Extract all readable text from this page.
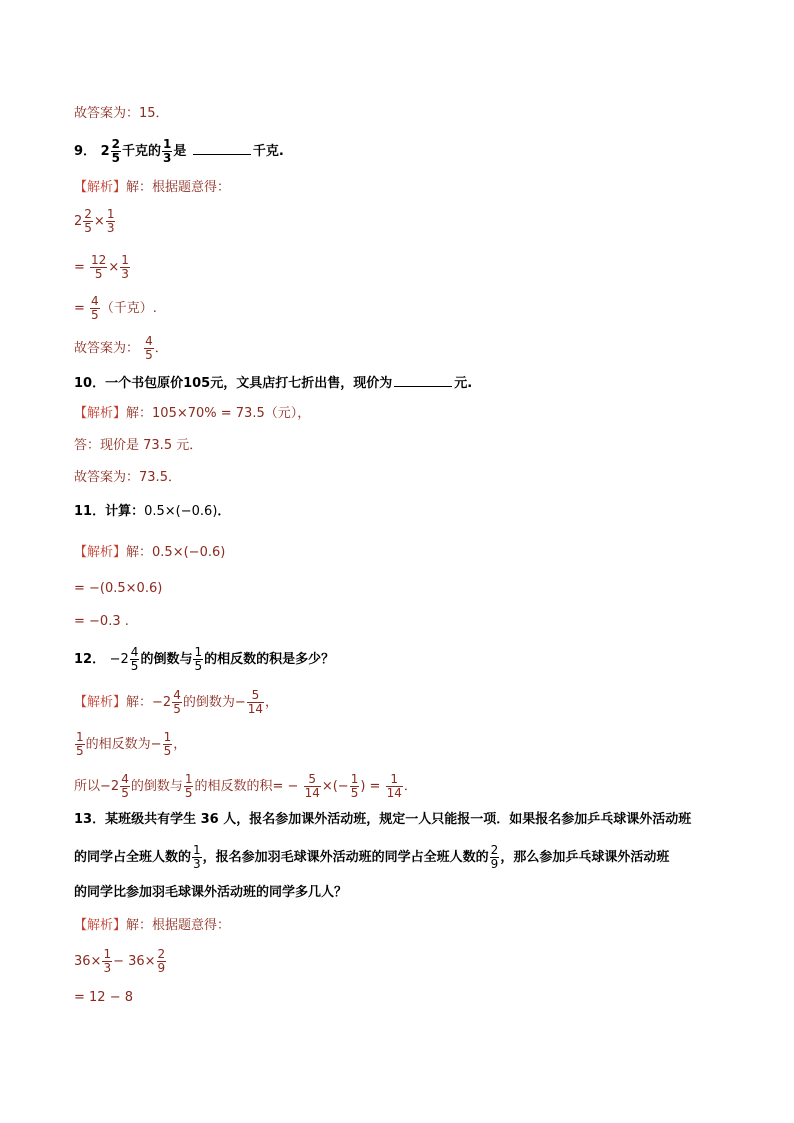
故答案为：15．
9． $2 \frac{2}{5}$ 千克的 $\frac{1}{3}$ 是	千克.
【解析】解：根据题意得：
$2 \frac{2}{5} \times \frac{1}{3}$
= $\frac{12}{5} \times \frac{1}{3}$
= $\frac{4}{5}$ （千克）.
故答案为： $\frac{4}{5}$ ．
10．一个书包原价105元，文具店打七折出售，现价为	元.
【解析】解：105×70% = 73.5（元），
答：现价是 73.5 元．
故答案为：73.5．
11．计算：0.5×(−0.6)．
【解析】解：0.5×(−0.6)
= −(0.5×0.6)
= −0.3 .
12． $-2 \frac{4}{5}$ 的倒数与 $\frac{1}{5}$ 的相反数的积是多少？
【解析】解：$-2 \frac{4}{5}$ 的倒数为− $\frac{5}{14}$ ，
$\frac{1}{5}$ 的相反数为− $\frac{1}{5}$ ，
所以$-2 \frac{4}{5}$ 的倒数与 $\frac{1}{5}$ 的相反数的积= − $\frac{5}{14}$ ×(− $\frac{1}{5}$ ) = $\frac{1}{14}$ ．
13．某班级共有学生 36 人，报名参加课外活动班，规定一人只能报一项．如果报名参加乒乓球课外活动班
的同学占全班人数的 $\frac{1}{3}$ ，报名参加羽毛球课外活动班的同学占全班人数的 $\frac{2}{9}$ ，那么参加乒乓球课外活动班
的同学比参加羽毛球课外活动班的同学多几人？
【解析】解：根据题意得：
$36\times \frac{1}{3} - 36\times \frac{2}{9}$
= 12 − 8
